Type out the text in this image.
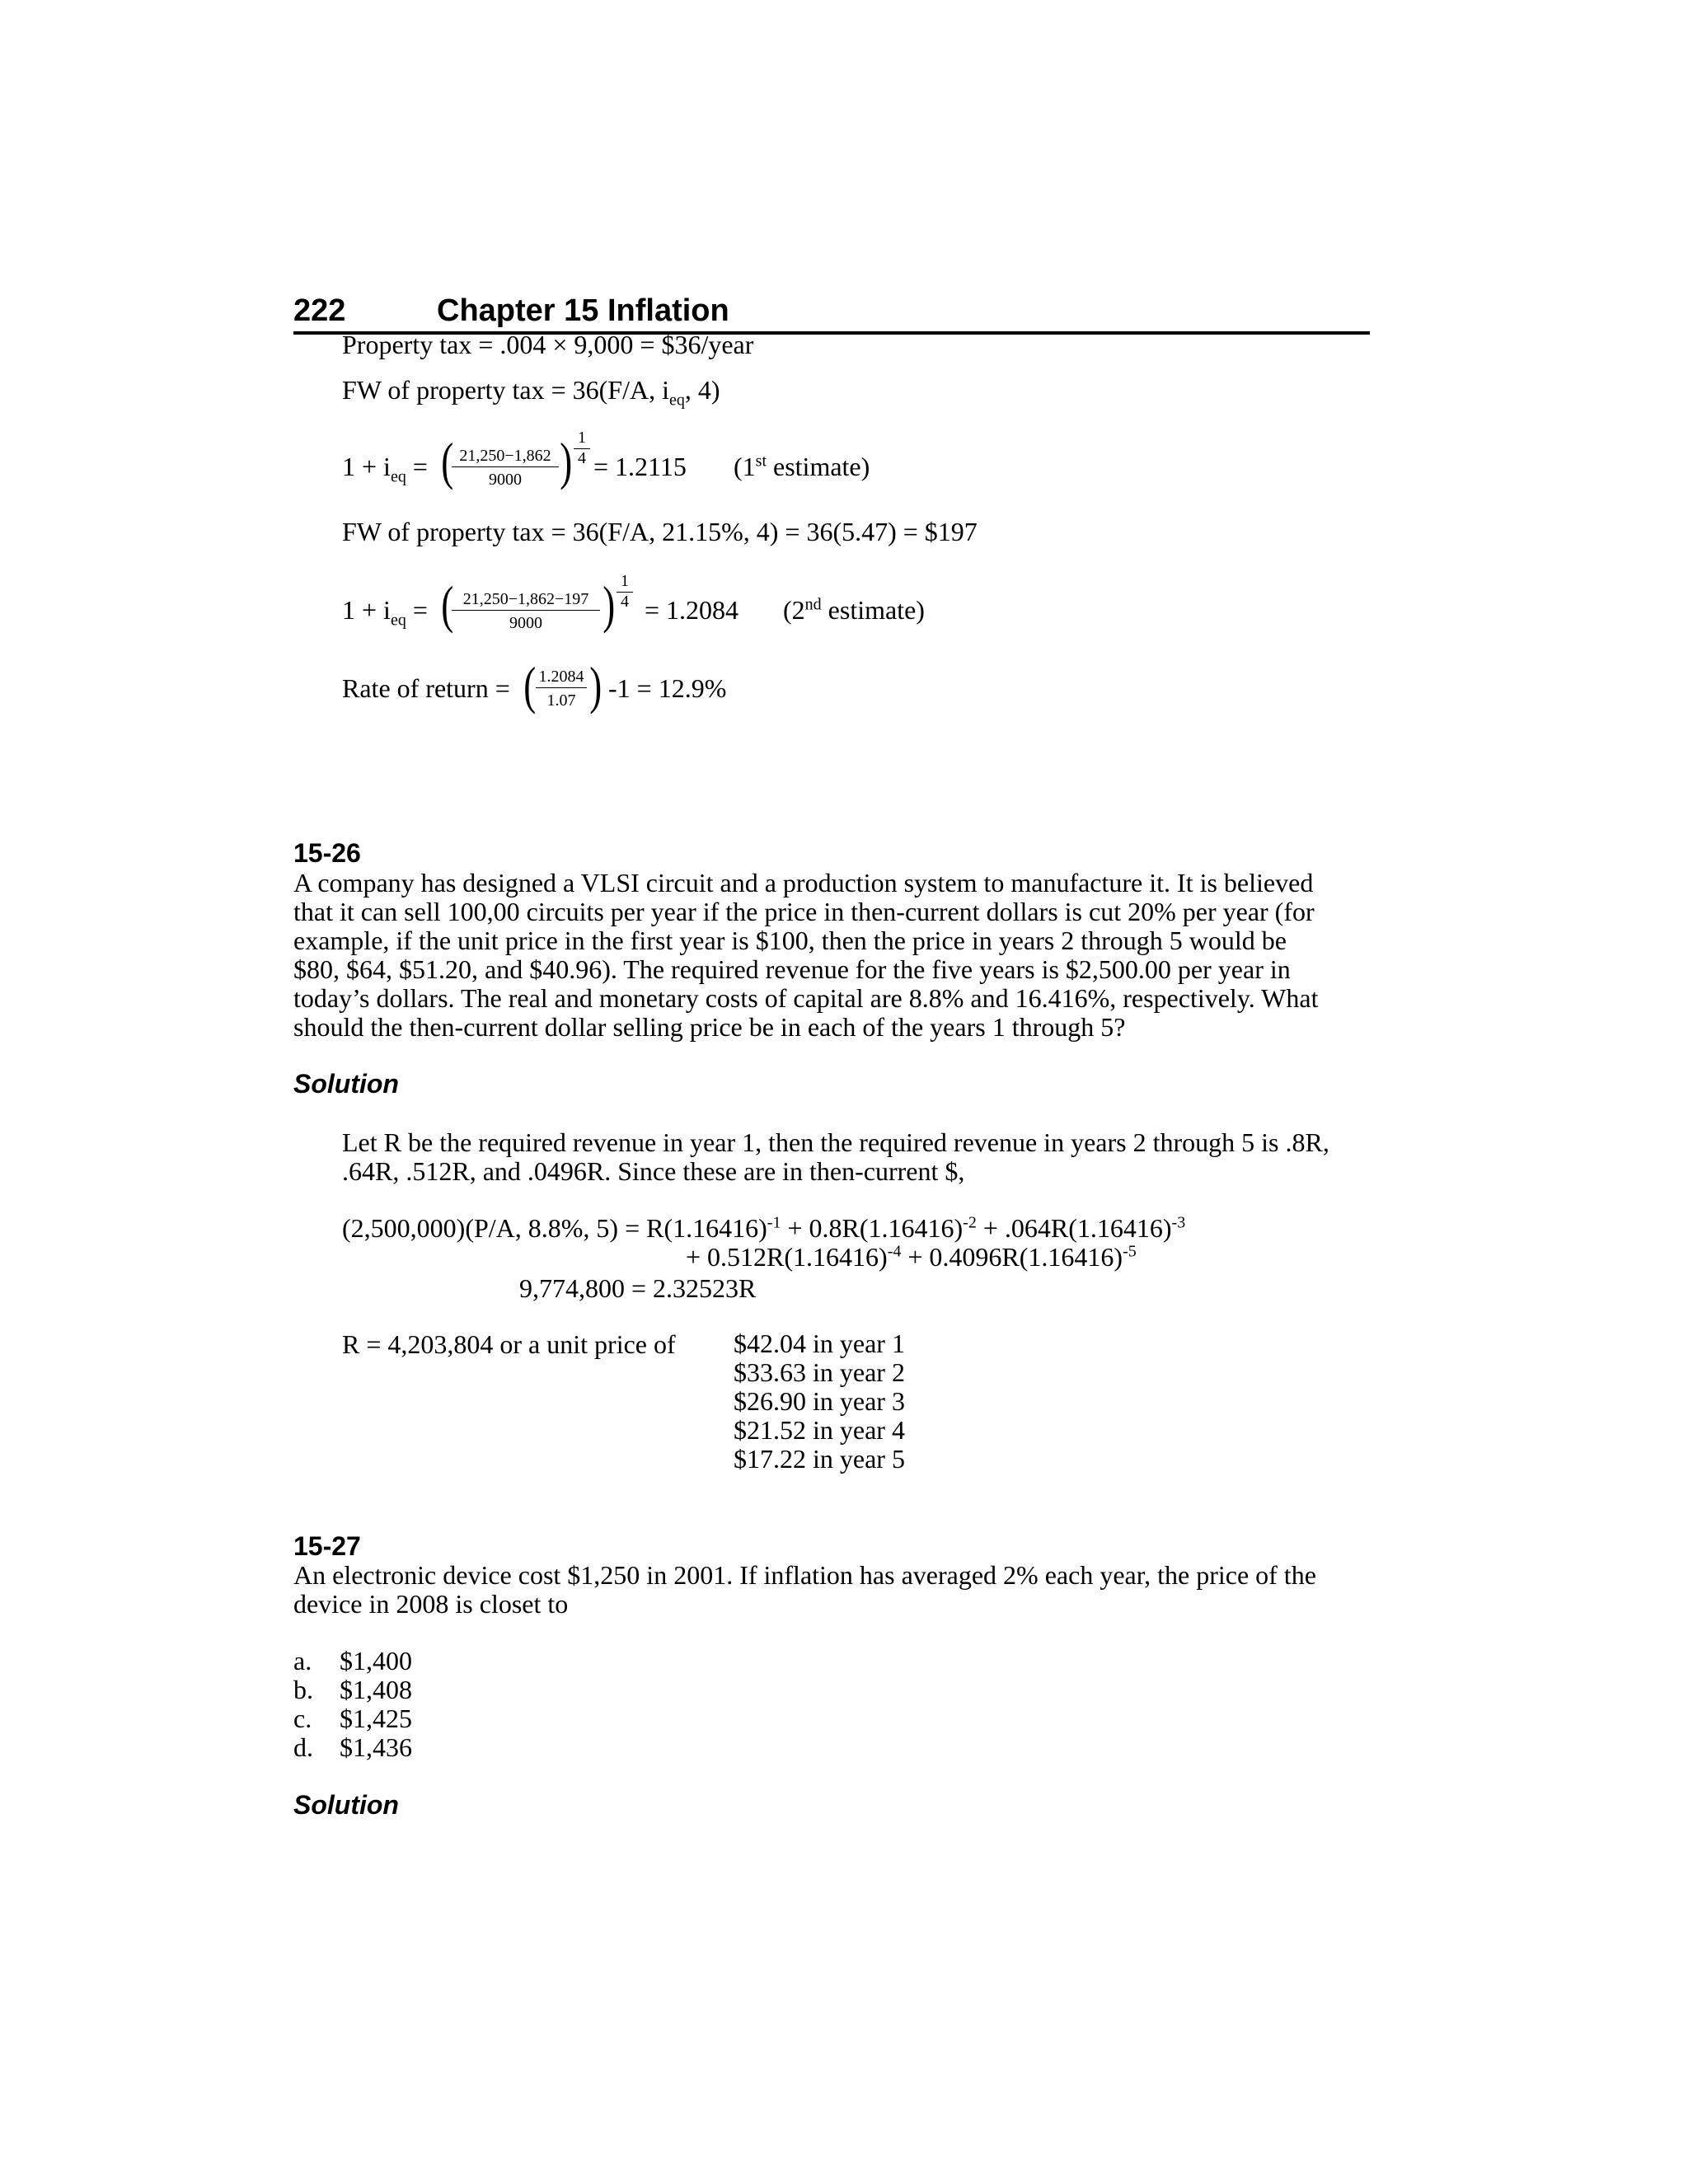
222	Chapter 15 Inflation
Property tax = .004 × 9,000 = $36/year
FW of property tax = 36(F/A, $i_{eq}$, 4)
$1 + i_{eq}$ = (
$\frac{21,250-1,862}{9000}$ ) $\frac{1}{4} = 1.2115$ (1st estimate)
FW of property tax = 36(F/A, 21.15%, 4) = 36(5.47) = $197
$1 + i_{eq}$ = (
$\frac{21,250-1,862-197}{9000}$ ) $\frac{1}{4} = 1.2084$ (2nd estimate)
Rate of return = ( $\frac{1.2084}{1.07}$ ) -1 = 12.9%
15-26
A company has designed a VLSI circuit and a production system to manufacture it. It is believed
that it can sell 100,00 circuits per year if the price in then-current dollars is cut 20% per year (for
example, if the unit price in the first year is $100, then the price in years 2 through 5 would be
$80, $64, $51.20, and $40.96). The required revenue for the five years is $2,500.00 per year in
today’s dollars. The real and monetary costs of capital are 8.8% and 16.416%, respectively. What
should the then-current dollar selling price be in each of the years 1 through 5?
Solution
Let R be the required revenue in year 1, then the required revenue in years 2 through 5 is .8R,
.64R, .512R, and .0496R. Since these are in then-current $,
(2,500,000)(P/A, 8.8%, $5) = R(1.16416)^{-1} + 0.8R(1.16416)^{-2} + .064R(1.16416)^{-3}$
+ $0.512R(1.16416)^{-4} + 0.4096R(1.16416)^{-5}$
9,774,800 = 2.32523R
R = 4,203,804 or a unit price of $42.04 in year 1
$33.63 in year 2
$26.90 in year 3
$21.52 in year 4
$17.22 in year 5
15-27
An electronic device cost $1,250 in 2001. If inflation has averaged 2% each year, the price of the
device in 2008 is closet to
a. $1,400
b. $1,408
c. $1,425
d. $1,436
Solution
